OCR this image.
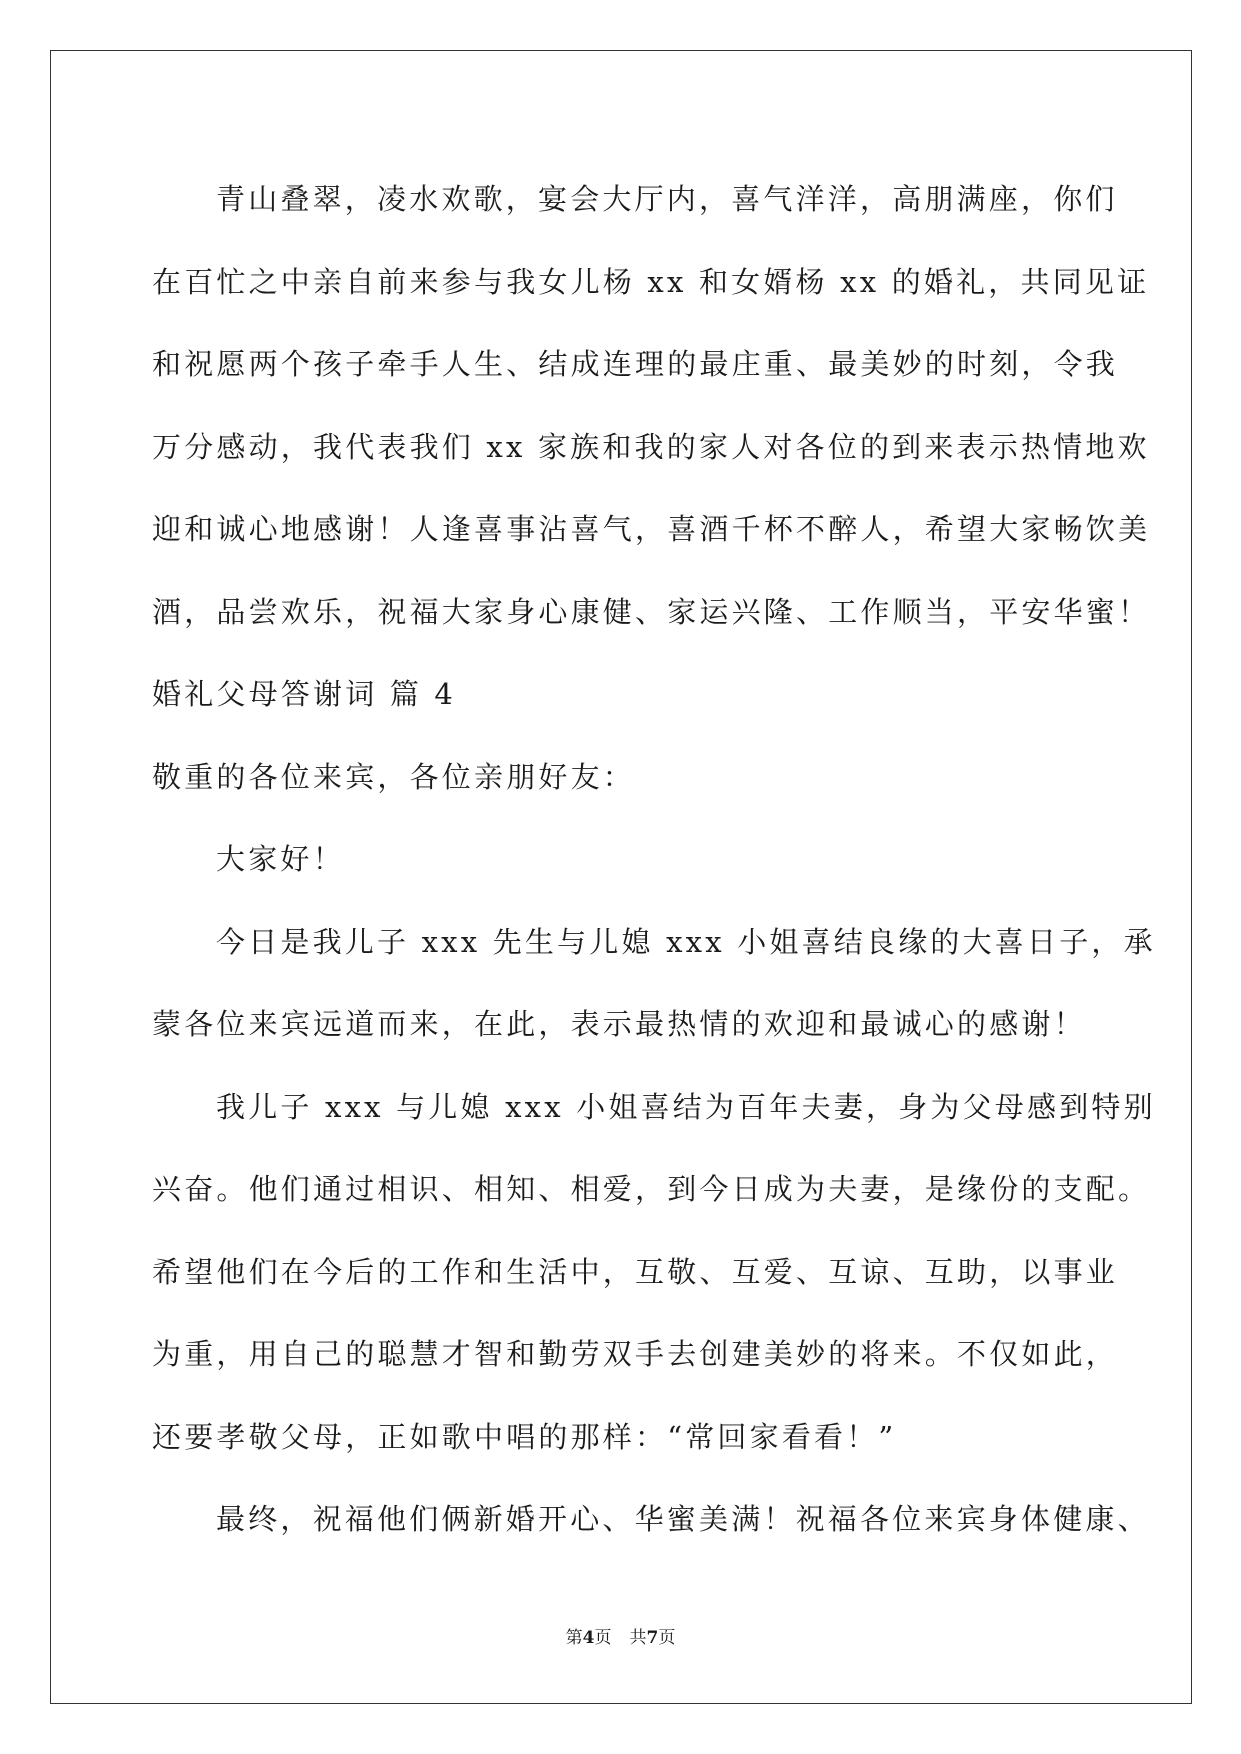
青山叠翠，凌水欢歌，宴会大厅内，喜气洋洋，高朋满座，你们
在百忙之中亲自前来参与我女儿杨 xx 和女婿杨 xx 的婚礼，共同见证
和祝愿两个孩子牵手人生、结成连理的最庄重、最美妙的时刻，令我
万分感动，我代表我们 xx 家族和我的家人对各位的到来表示热情地欢
迎和诚心地感谢！人逢喜事沾喜气，喜酒千杯不醉人，希望大家畅饮美
酒，品尝欢乐，祝福大家身心康健、家运兴隆、工作顺当，平安华蜜！
婚礼父母答谢词 篇 4
敬重的各位来宾，各位亲朋好友：
大家好！
今日是我儿子 xxx 先生与儿媳 xxx 小姐喜结良缘的大喜日子，承
蒙各位来宾远道而来，在此，表示最热情的欢迎和最诚心的感谢！
我儿子 xxx 与儿媳 xxx 小姐喜结为百年夫妻，身为父母感到特别
兴奋。他们通过相识、相知、相爱，到今日成为夫妻，是缘份的支配。
希望他们在今后的工作和生活中，互敬、互爱、互谅、互助，以事业
为重，用自己的聪慧才智和勤劳双手去创建美妙的将来。不仅如此，
还要孝敬父母，正如歌中唱的那样：“常回家看看！”
最终，祝福他们俩新婚开心、华蜜美满！祝福各位来宾身体健康、
第4页 共7页
